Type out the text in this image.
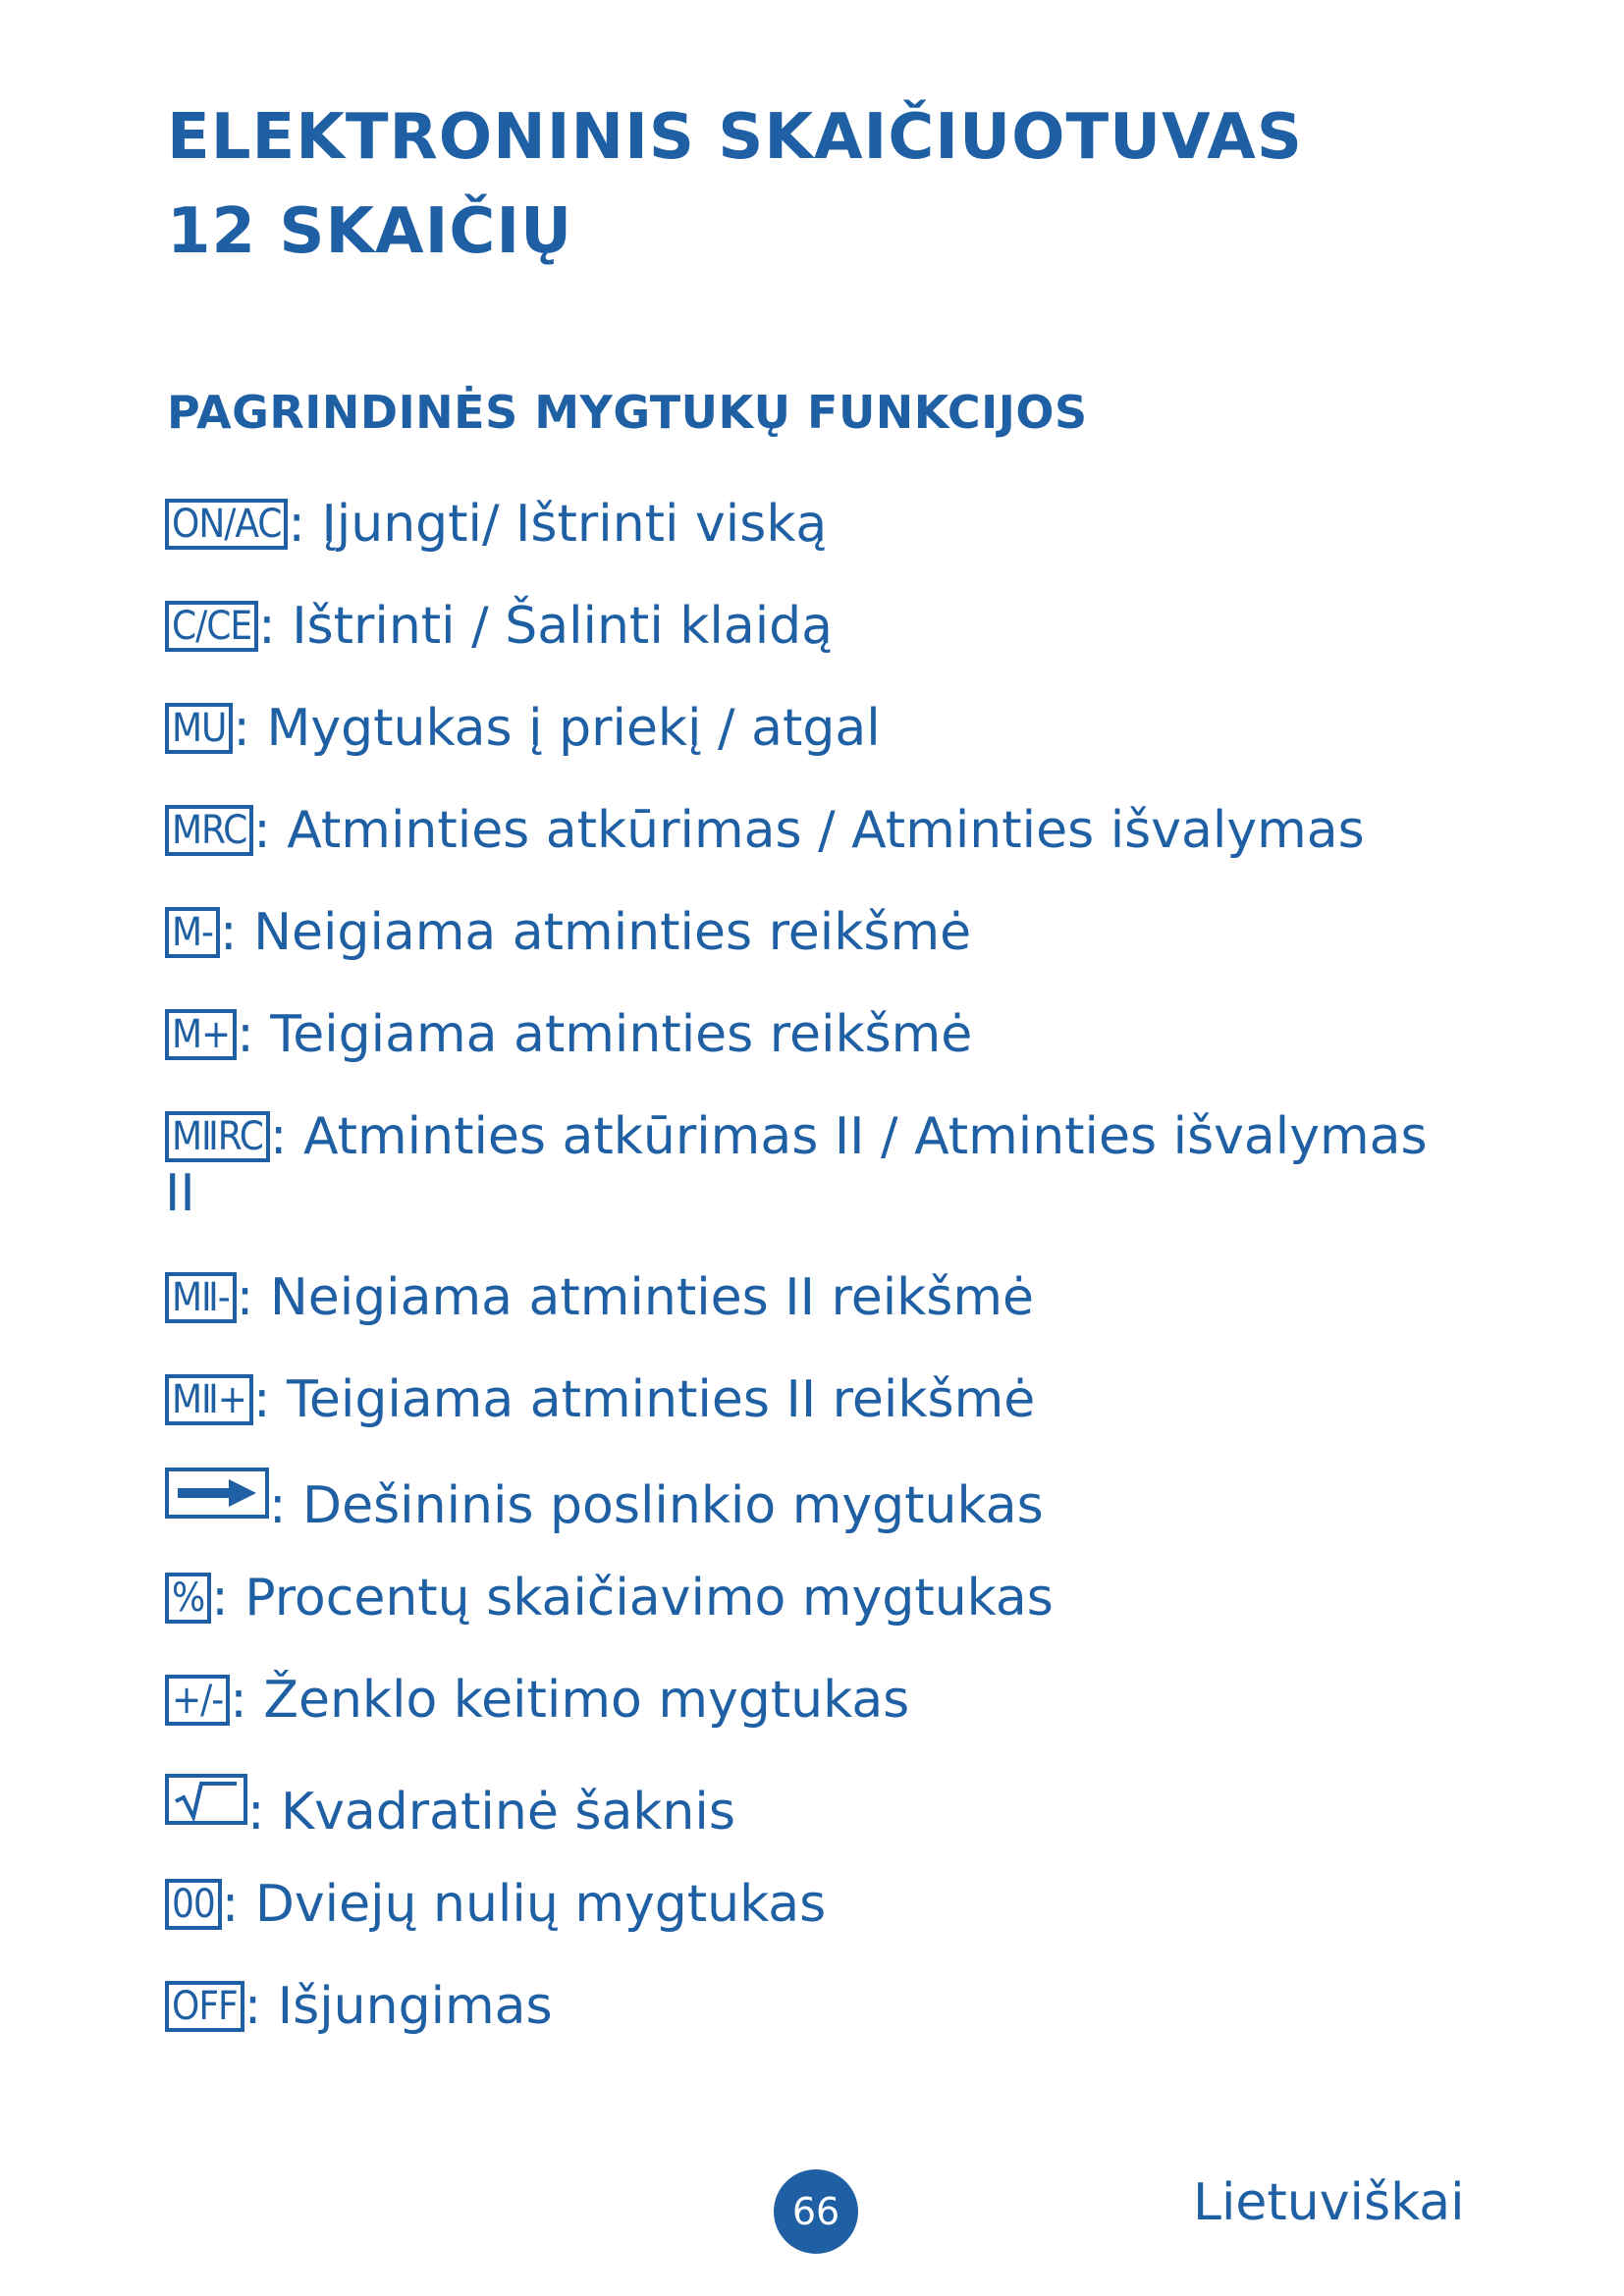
ELEKTRONINIS SKAIČIUOTUVAS
12 SKAIČIŲ
PAGRINDINĖS MYGTUKŲ FUNKCIJOS
ON/AC : Įjungti/ Ištrinti viską
C/CE : Ištrinti / Šalinti klaidą
MU : Mygtukas į priekį / atgal
MRC : Atminties atkūrimas / Atminties išvalymas
M- : Neigiama atminties reikšmė
M+ : Teigiama atminties reikšmė
MⅡRC : Atminties atkūrimas II / Atminties išvalymas II
MⅡ- : Neigiama atminties II reikšmė
MⅡ+ : Teigiama atminties II reikšmė
: Dešininis poslinkio mygtukas
% : Procentų skaičiavimo mygtukas
+/- : Ženklo keitimo mygtukas
: Kvadratinė šaknis
00 : Dviejų nulių mygtukas
OFF : Išjungimas
66	Lietuviškai
